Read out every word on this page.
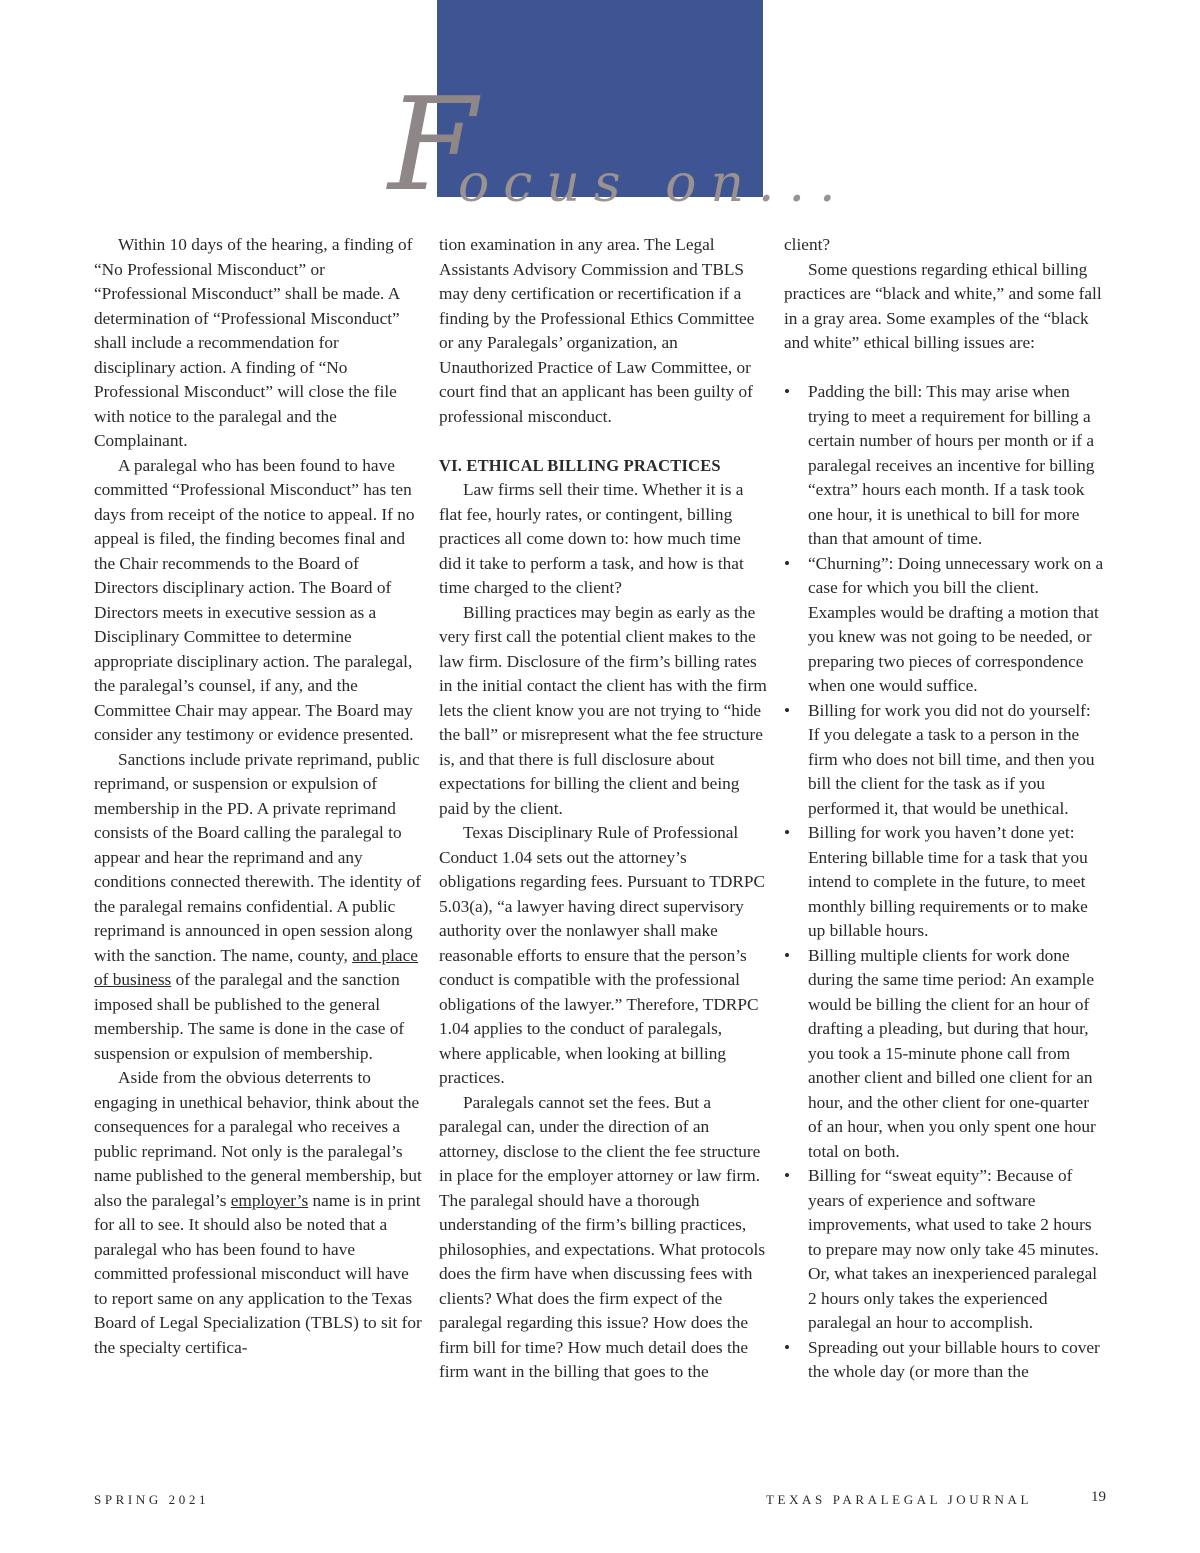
F
ocus on...

Within 10 days of the hearing, a finding of “No Professional Misconduct” or “Professional Misconduct” shall be made. A determination of “Professional Misconduct” shall include a recommendation for disciplinary action. A finding of “No Professional Misconduct” will close the file with notice to the paralegal and the Complainant.

A paralegal who has been found to have committed “Professional Misconduct” has ten days from receipt of the notice to appeal. If no appeal is filed, the finding becomes final and the Chair recommends to the Board of Directors disciplinary action. The Board of Directors meets in executive session as a Disciplinary Committee to determine appropriate disciplinary action. The paralegal, the paralegal’s counsel, if any, and the Committee Chair may appear. The Board may consider any testimony or evidence presented.

Sanctions include private reprimand, public reprimand, or suspension or expulsion of membership in the PD. A private reprimand consists of the Board calling the paralegal to appear and hear the reprimand and any conditions connected therewith. The identity of the paralegal remains confidential. A public reprimand is announced in open session along with the sanction. The name, county, and place of business of the paralegal and the sanction imposed shall be published to the general membership. The same is done in the case of suspension or expulsion of membership.

Aside from the obvious deterrents to engaging in unethical behavior, think about the consequences for a paralegal who receives a public reprimand. Not only is the paralegal’s name published to the general membership, but also the paralegal’s employer’s name is in print for all to see. It should also be noted that a paralegal who has been found to have committed professional misconduct will have to report same on any application to the Texas Board of Legal Specialization (TBLS) to sit for the specialty certifica-

tion examination in any area. The Legal Assistants Advisory Commission and TBLS may deny certification or recertification if a finding by the Professional Ethics Committee or any Paralegals’ organization, an Unauthorized Practice of Law Committee, or court find that an applicant has been guilty of professional misconduct.

VI. ETHICAL BILLING PRACTICES

Law firms sell their time. Whether it is a flat fee, hourly rates, or contingent, billing practices all come down to: how much time did it take to perform a task, and how is that time charged to the client?

Billing practices may begin as early as the very first call the potential client makes to the law firm. Disclosure of the firm’s billing rates in the initial contact the client has with the firm lets the client know you are not trying to “hide the ball” or misrepresent what the fee structure is, and that there is full disclosure about expectations for billing the client and being paid by the client.

Texas Disciplinary Rule of Professional Conduct 1.04 sets out the attorney’s obligations regarding fees. Pursuant to TDRPC 5.03(a), “a lawyer having direct supervisory authority over the nonlawyer shall make reasonable efforts to ensure that the person’s conduct is compatible with the professional obligations of the lawyer.” Therefore, TDRPC 1.04 applies to the conduct of paralegals, where applicable, when looking at billing practices.

Paralegals cannot set the fees. But a paralegal can, under the direction of an attorney, disclose to the client the fee structure in place for the employer attorney or law firm. The paralegal should have a thorough understanding of the firm’s billing practices, philosophies, and expectations. What protocols does the firm have when discussing fees with clients? What does the firm expect of the paralegal regarding this issue? How does the firm bill for time? How much detail does the firm want in the billing that goes to the

client?

Some questions regarding ethical billing practices are “black and white,” and some fall in a gray area. Some examples of the “black and white” ethical billing issues are:

• Padding the bill: This may arise when trying to meet a requirement for billing a certain number of hours per month or if a paralegal receives an incentive for billing “extra” hours each month. If a task took one hour, it is unethical to bill for more than that amount of time.
• “Churning”: Doing unnecessary work on a case for which you bill the client. Examples would be drafting a motion that you knew was not going to be needed, or preparing two pieces of correspondence when one would suffice.
• Billing for work you did not do yourself: If you delegate a task to a person in the firm who does not bill time, and then you bill the client for the task as if you performed it, that would be unethical.
• Billing for work you haven’t done yet: Entering billable time for a task that you intend to complete in the future, to meet monthly billing requirements or to make up billable hours.
• Billing multiple clients for work done during the same time period: An example would be billing the client for an hour of drafting a pleading, but during that hour, you took a 15-minute phone call from another client and billed one client for an hour, and the other client for one-quarter of an hour, when you only spent one hour total on both.
• Billing for “sweat equity”: Because of years of experience and software improvements, what used to take 2 hours to prepare may now only take 45 minutes. Or, what takes an inexperienced paralegal 2 hours only takes the experienced paralegal an hour to accomplish.
• Spreading out your billable hours to cover the whole day (or more than the
SPRING 2021	TEXAS PARALEGAL JOURNAL	19
